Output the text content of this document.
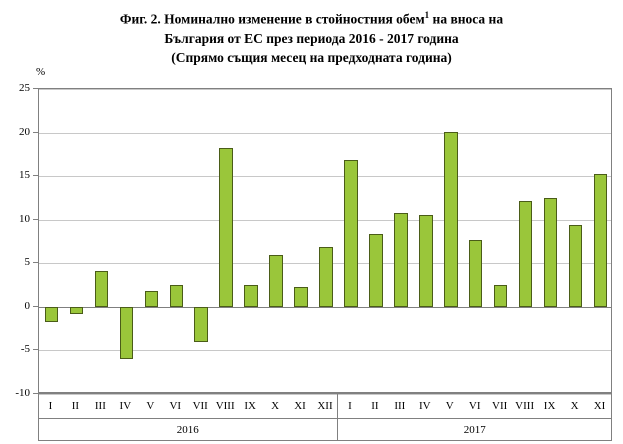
Фиг. 2. Номинално изменение в стойностния обем$^1$ на вноса на
България от ЕС през периода 2016 - 2017 година
(Спрямо същия месец на предходната година)
%
25
20
15
10
5
0
-5
-10
I	II	III	IV	V	VI	VII VIII IX	X	XI	XII	I	II	III	IV	V	VI	VII VIII IX	X	XI
2016	2017
